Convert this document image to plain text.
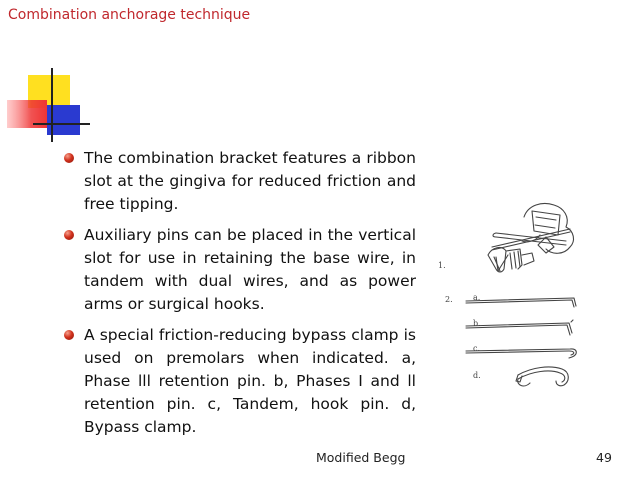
Combination anchorage technique
The combination bracket features a ribbon slot at the gingiva for reduced friction and free tipping.
Auxiliary pins can be placed in the vertical slot for use in retaining the base wire, in tandem with dual wires, and as power arms or surgical hooks.
A special friction-reducing bypass clamp is used on premolars when indicated. a, Phase lll retention pin. b, Phases I and ll retention pin. c, Tandem, hook pin. d, Bypass clamp.
1.
2.	a.
b.
c.
d.
Modified Begg	49
